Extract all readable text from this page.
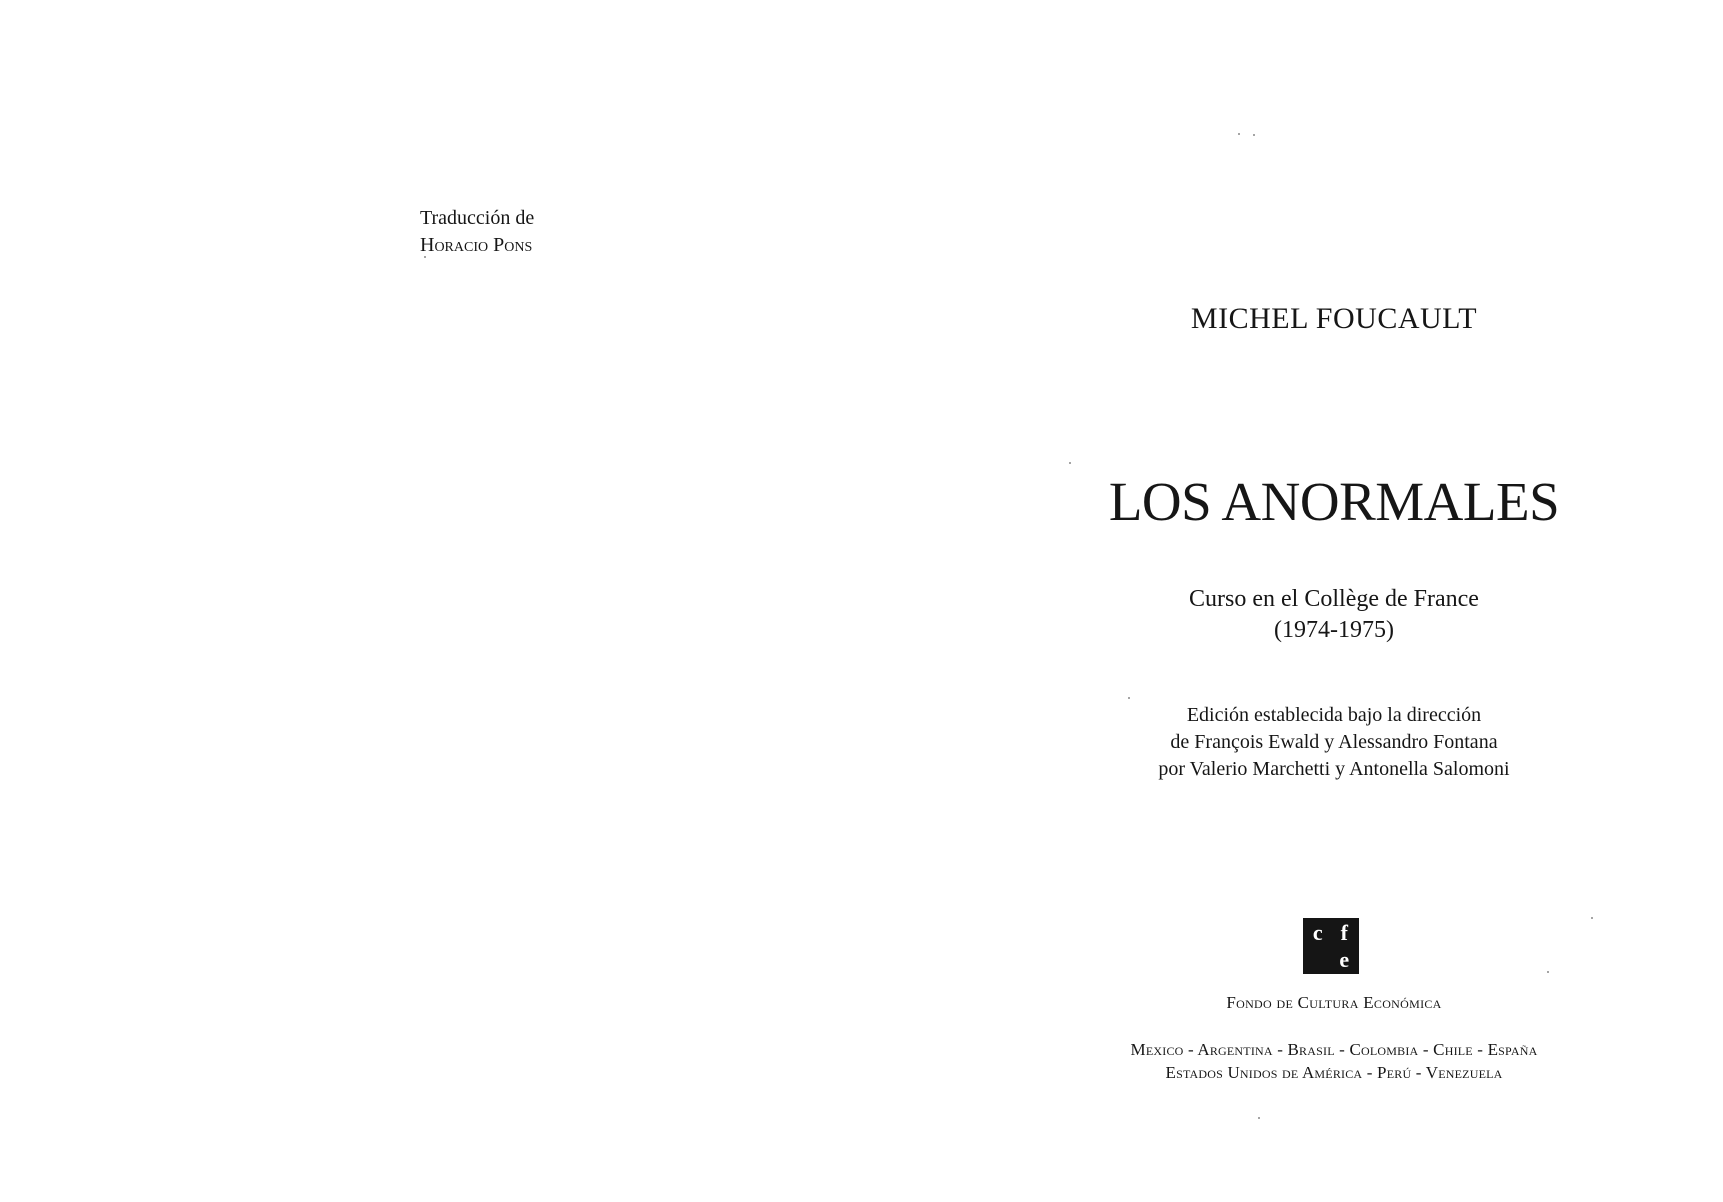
Traducción de
Horacio Pons
MICHEL FOUCAULT
LOS ANORMALES
Curso en el Collège de France
(1974-1975)
Edición establecida bajo la dirección
de François Ewald y Alessandro Fontana
por Valerio Marchetti y Antonella Salomoni
c f
e
Fondo de Cultura Económica
Mexico - Argentina - Brasil - Colombia - Chile - España
Estados Unidos de América - Perú - Venezuela
